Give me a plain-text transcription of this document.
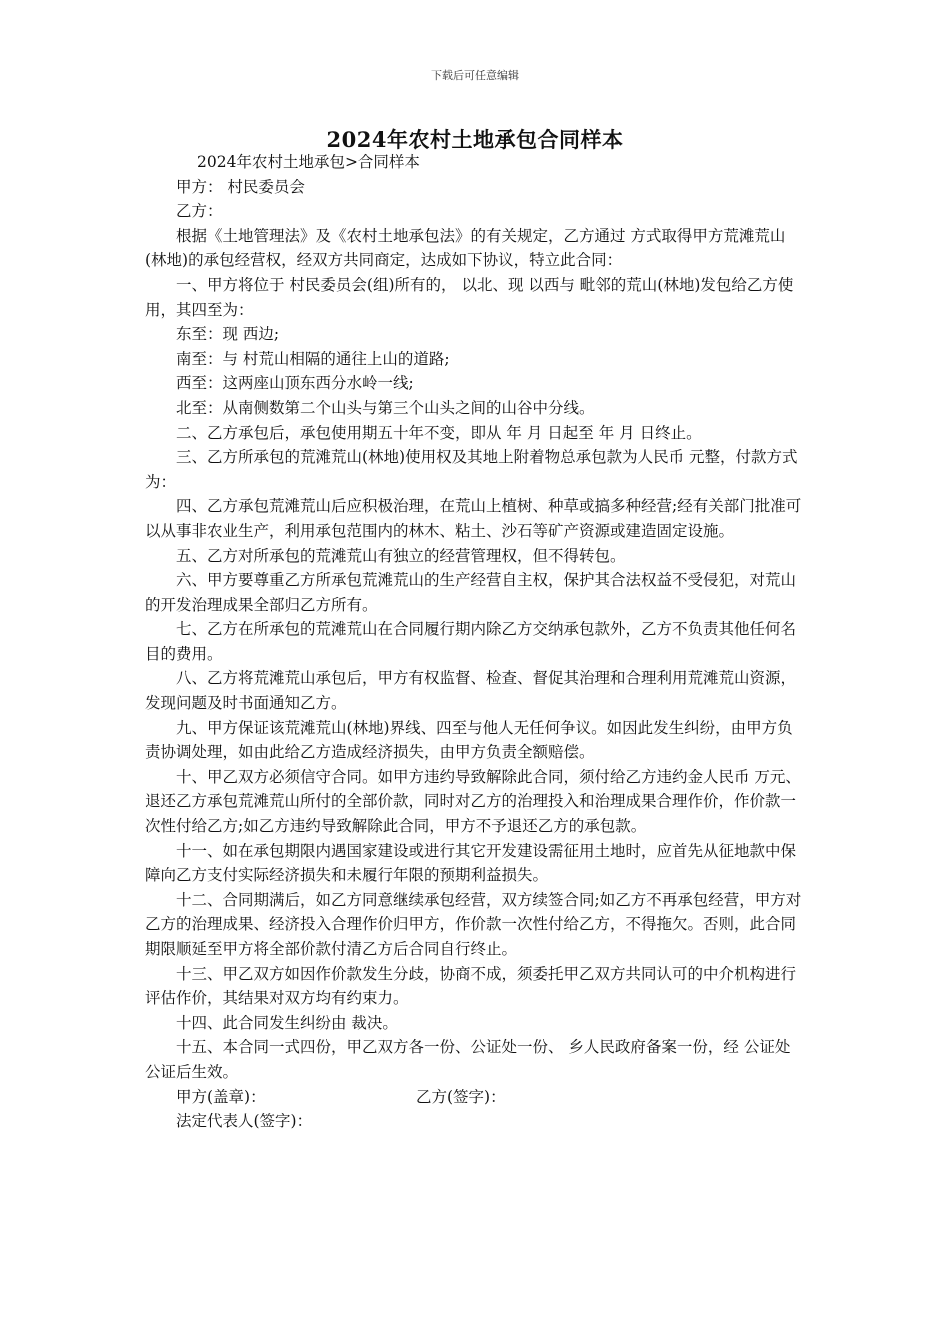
下载后可任意编辑
2024年农村土地承包合同样本

2024年农村土地承包>合同样本

甲方： 村民委员会

乙方：

根据《土地管理法》及《农村土地承包法》的有关规定，乙方通过 方式取得甲方荒滩荒山(林地)的承包经营权，经双方共同商定，达成如下协议，特立此合同：

一、甲方将位于 村民委员会(组)所有的， 以北、现 以西与 毗邻的荒山(林地)发包给乙方使用，其四至为：

东至：现 西边;

南至：与 村荒山相隔的通往上山的道路;

西至：这两座山顶东西分水岭一线;

北至：从南侧数第二个山头与第三个山头之间的山谷中分线。

二、乙方承包后，承包使用期五十年不变，即从 年 月 日起至 年 月 日终止。

三、乙方所承包的荒滩荒山(林地)使用权及其地上附着物总承包款为人民币 元整，付款方式为：

四、乙方承包荒滩荒山后应积极治理，在荒山上植树、种草或搞多种经营;经有关部门批准可以从事非农业生产，利用承包范围内的林木、粘土、沙石等矿产资源或建造固定设施。

五、乙方对所承包的荒滩荒山有独立的经营管理权，但不得转包。

六、甲方要尊重乙方所承包荒滩荒山的生产经营自主权，保护其合法权益不受侵犯，对荒山的开发治理成果全部归乙方所有。

七、乙方在所承包的荒滩荒山在合同履行期内除乙方交纳承包款外，乙方不负责其他任何名目的费用。

八、乙方将荒滩荒山承包后，甲方有权监督、检查、督促其治理和合理利用荒滩荒山资源，发现问题及时书面通知乙方。

九、甲方保证该荒滩荒山(林地)界线、四至与他人无任何争议。如因此发生纠纷，由甲方负责协调处理，如由此给乙方造成经济损失，由甲方负责全额赔偿。

十、甲乙双方必须信守合同。如甲方违约导致解除此合同，须付给乙方违约金人民币 万元、退还乙方承包荒滩荒山所付的全部价款，同时对乙方的治理投入和治理成果合理作价，作价款一次性付给乙方;如乙方违约导致解除此合同，甲方不予退还乙方的承包款。

十一、如在承包期限内遇国家建设或进行其它开发建设需征用土地时，应首先从征地款中保障向乙方支付实际经济损失和未履行年限的预期利益损失。

十二、合同期满后，如乙方同意继续承包经营，双方续签合同;如乙方不再承包经营，甲方对乙方的治理成果、经济投入合理作价归甲方，作价款一次性付给乙方，不得拖欠。否则，此合同期限顺延至甲方将全部价款付清乙方后合同自行终止。

十三、甲乙双方如因作价款发生分歧，协商不成，须委托甲乙双方共同认可的中介机构进行评估作价，其结果对双方均有约束力。

十四、此合同发生纠纷由 裁决。

十五、本合同一式四份，甲乙双方各一份、公证处一份、 乡人民政府备案一份，经 公证处公证后生效。

甲方(盖章)：	乙方(签字)：
法定代表人(签字)：
